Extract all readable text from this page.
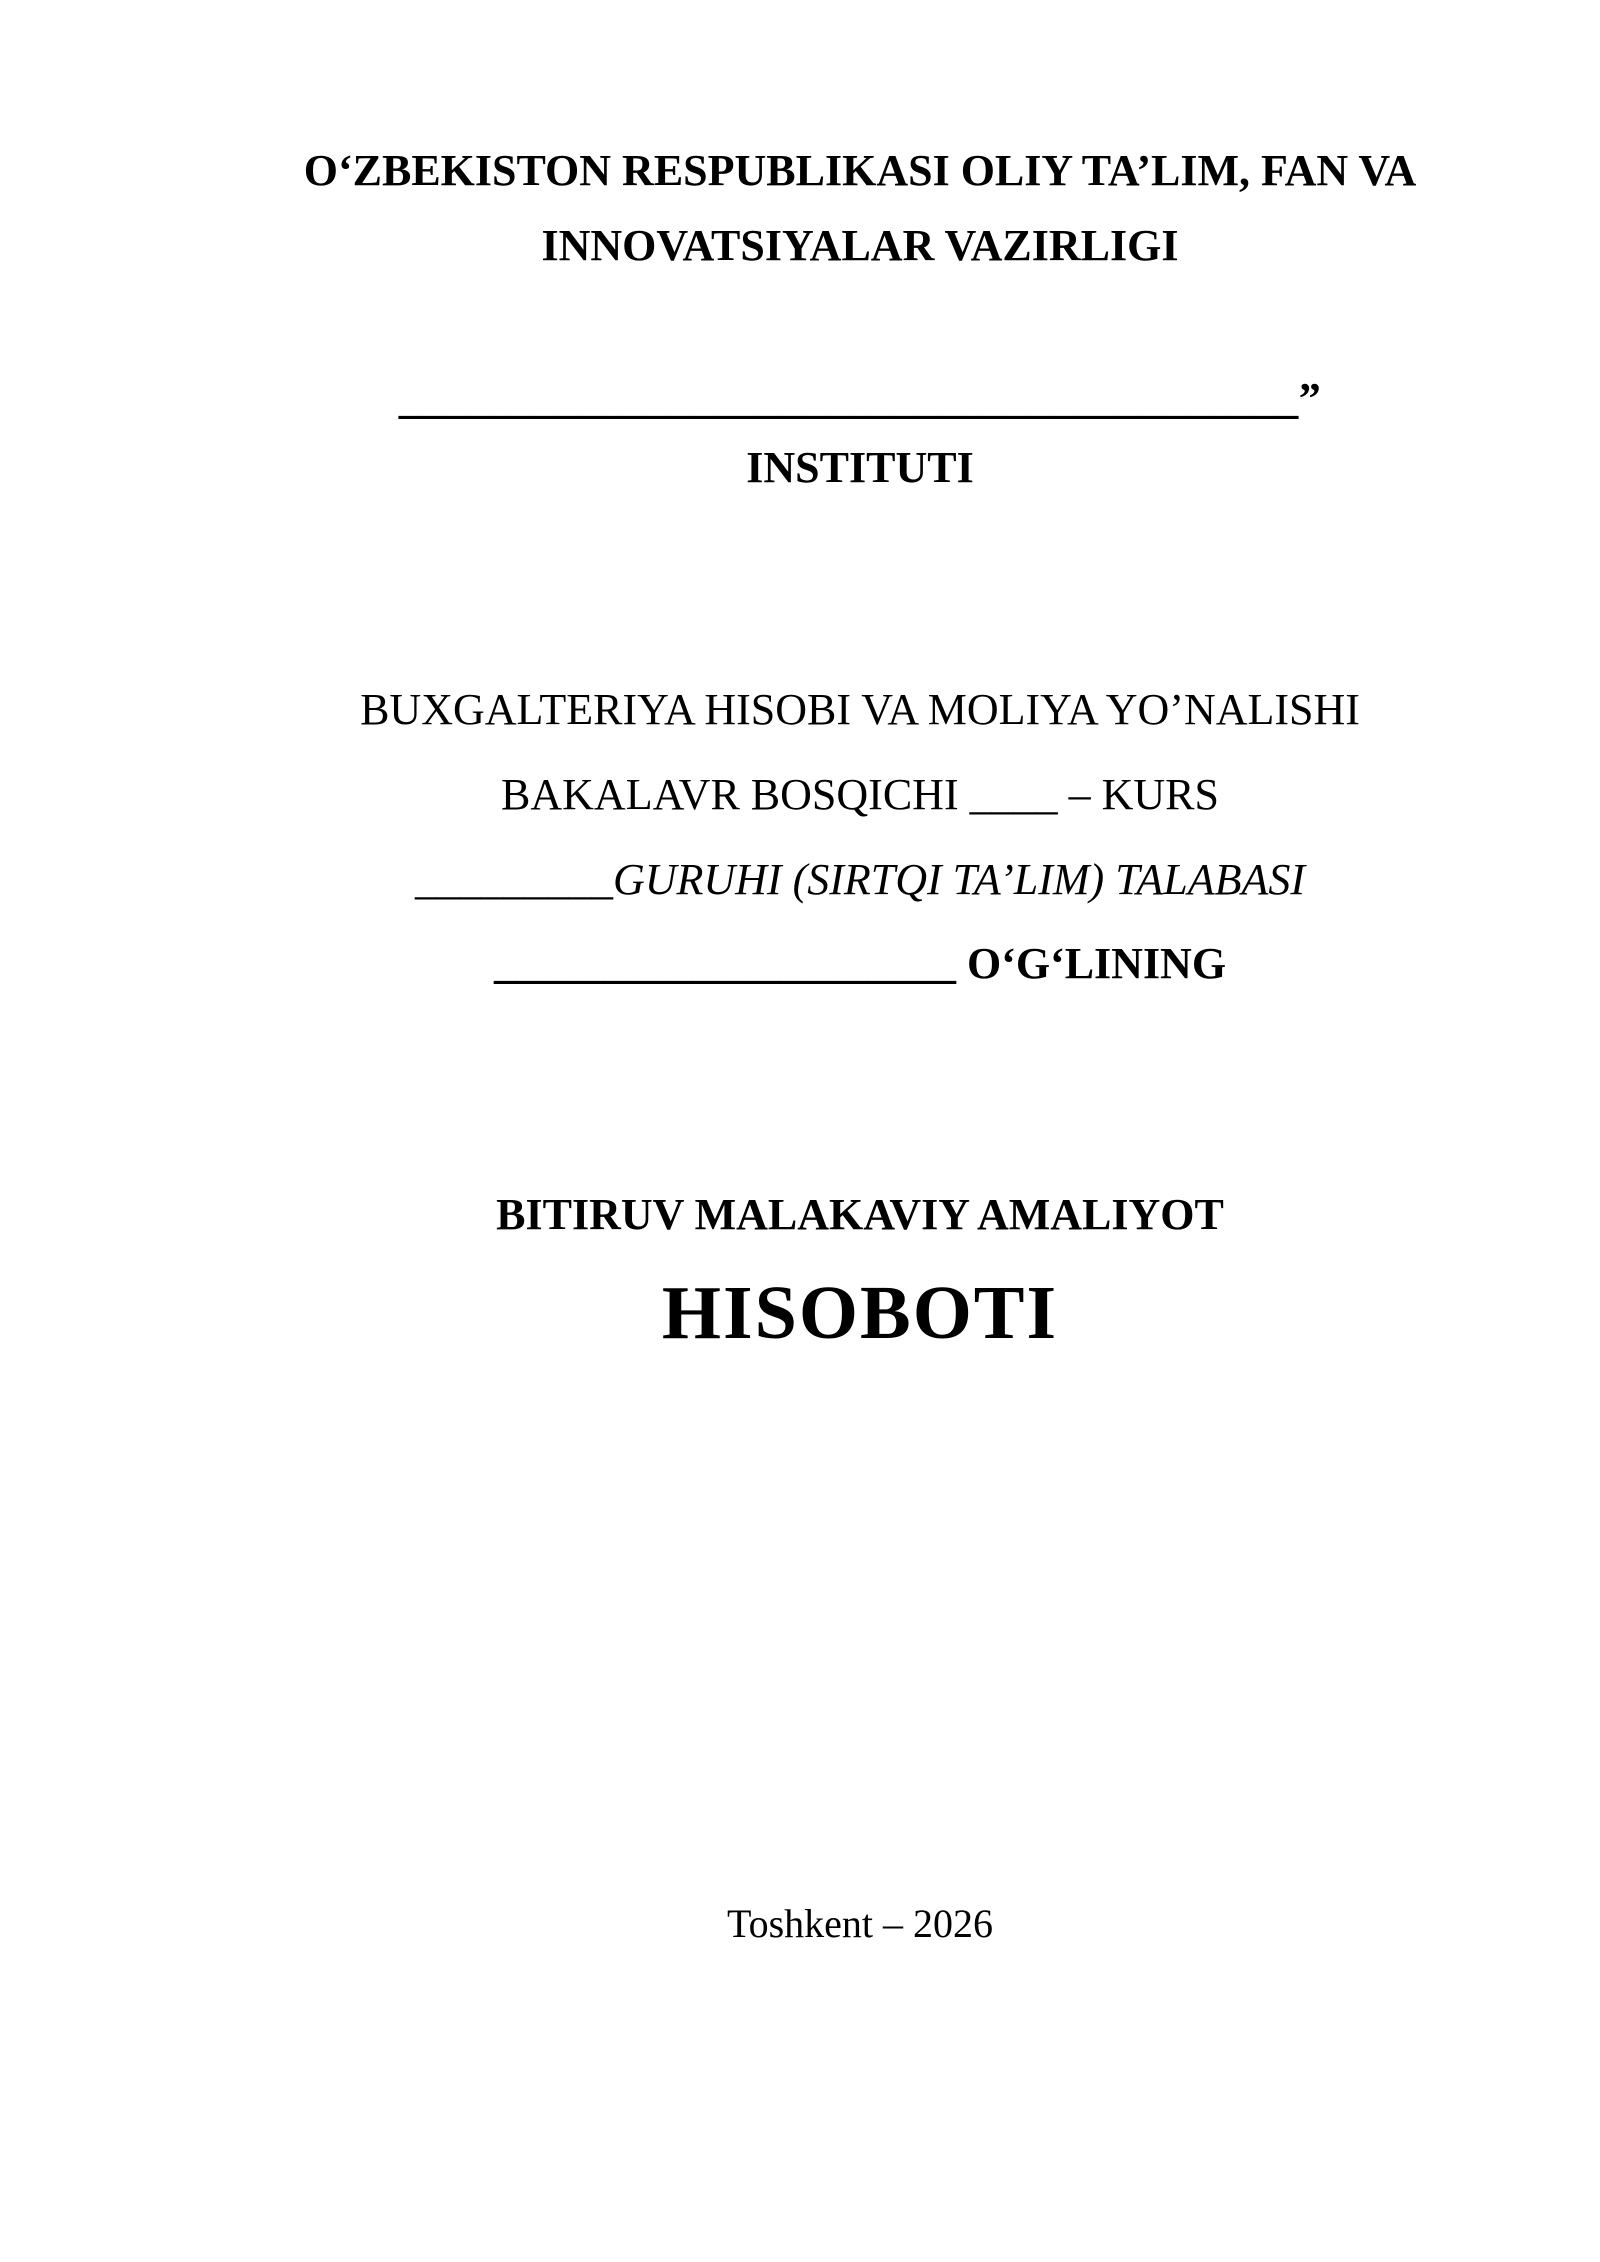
OʻZBEKISTON RESPUBLIKASI OLIY TA’LIM, FAN VA
INNOVATSIYALAR VAZIRLIGI
________________________________________”
INSTITUTI
BUXGALTERIYA HISOBI VA MOLIYA YO’NALISHI
BAKALAVR BOSQICHI ____ – KURS
_________GURUHI (SIRTQI TA’LIM) TALABASI
_____________________ OʻGʻLINING
BITIRUV MALAKAVIY AMALIYOT
HISOBOTI
Toshkent – 2026
